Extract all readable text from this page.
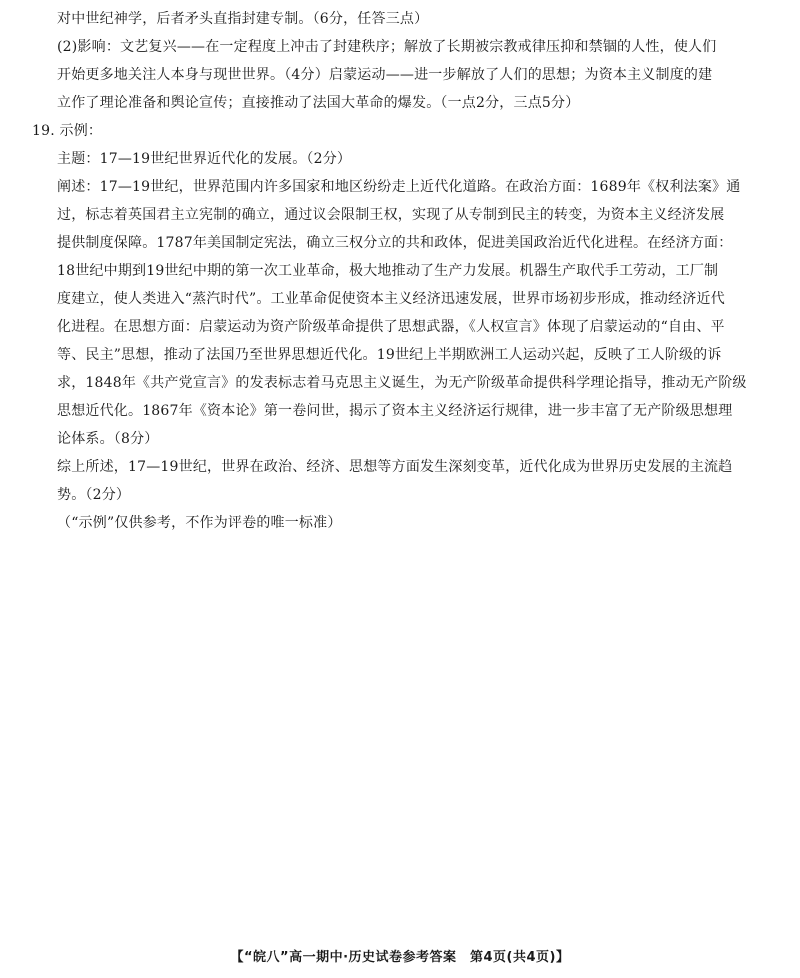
对中世纪神学，后者矛头直指封建专制。（6分，任答三点）
(2)影响：文艺复兴——在一定程度上冲击了封建秩序；解放了长期被宗教戒律压抑和禁锢的人性，使人们
开始更多地关注人本身与现世世界。（4分）启蒙运动——进一步解放了人们的思想；为资本主义制度的建
立作了理论准备和舆论宣传；直接推动了法国大革命的爆发。（一点2分，三点5分）
19. 示例：
主题：17—19世纪世界近代化的发展。（2分）
阐述：17—19世纪，世界范围内许多国家和地区纷纷走上近代化道路。在政治方面：1689年《权利法案》通
过，标志着英国君主立宪制的确立，通过议会限制王权，实现了从专制到民主的转变，为资本主义经济发展
提供制度保障。1787年美国制定宪法，确立三权分立的共和政体，促进美国政治近代化进程。在经济方面：
18世纪中期到19世纪中期的第一次工业革命，极大地推动了生产力发展。机器生产取代手工劳动，工厂制
度建立，使人类进入“蒸汽时代”。工业革命促使资本主义经济迅速发展，世界市场初步形成，推动经济近代
化进程。在思想方面：启蒙运动为资产阶级革命提供了思想武器，《人权宣言》体现了启蒙运动的“自由、平
等、民主”思想，推动了法国乃至世界思想近代化。19世纪上半期欧洲工人运动兴起，反映了工人阶级的诉
求，1848年《共产党宣言》的发表标志着马克思主义诞生，为无产阶级革命提供科学理论指导，推动无产阶级
思想近代化。1867年《资本论》第一卷问世，揭示了资本主义经济运行规律，进一步丰富了无产阶级思想理
论体系。（8分）
综上所述，17—19世纪，世界在政治、经济、思想等方面发生深刻变革，近代化成为世界历史发展的主流趋
势。（2分）
（“示例”仅供参考，不作为评卷的唯一标准）
【“皖八”高一期中·历史试卷参考答案　第4页(共4页)】
